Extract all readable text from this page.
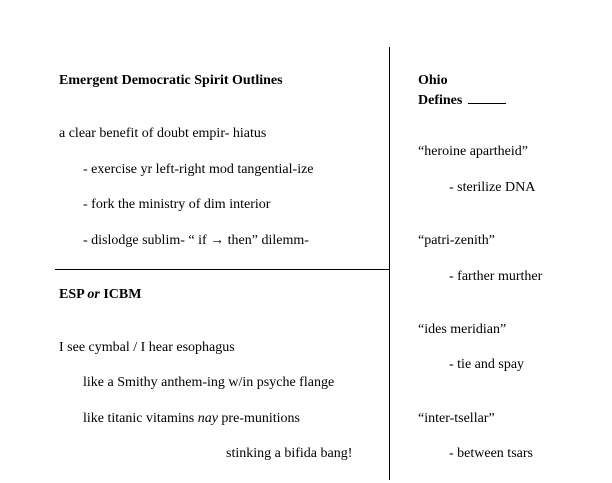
Emergent Democratic Spirit Outlines
a clear benefit of doubt empir- hiatus
- exercise yr left-right mod tangential-ize
- fork the ministry of dim interior
- dislodge sublim- “ if → then” dilemm-
ESP or ICBM
I see cymbal / I hear esophagus
like a Smithy anthem-ing w/in psyche flange
like titanic vitamins nay pre-munitions
stinking a bifida bang!
Ohio
Defines
“heroine apartheid”
- sterilize DNA
“patri-zenith”
- farther murther
“ides meridian”
- tie and spay
“inter-tsellar”
- between tsars
